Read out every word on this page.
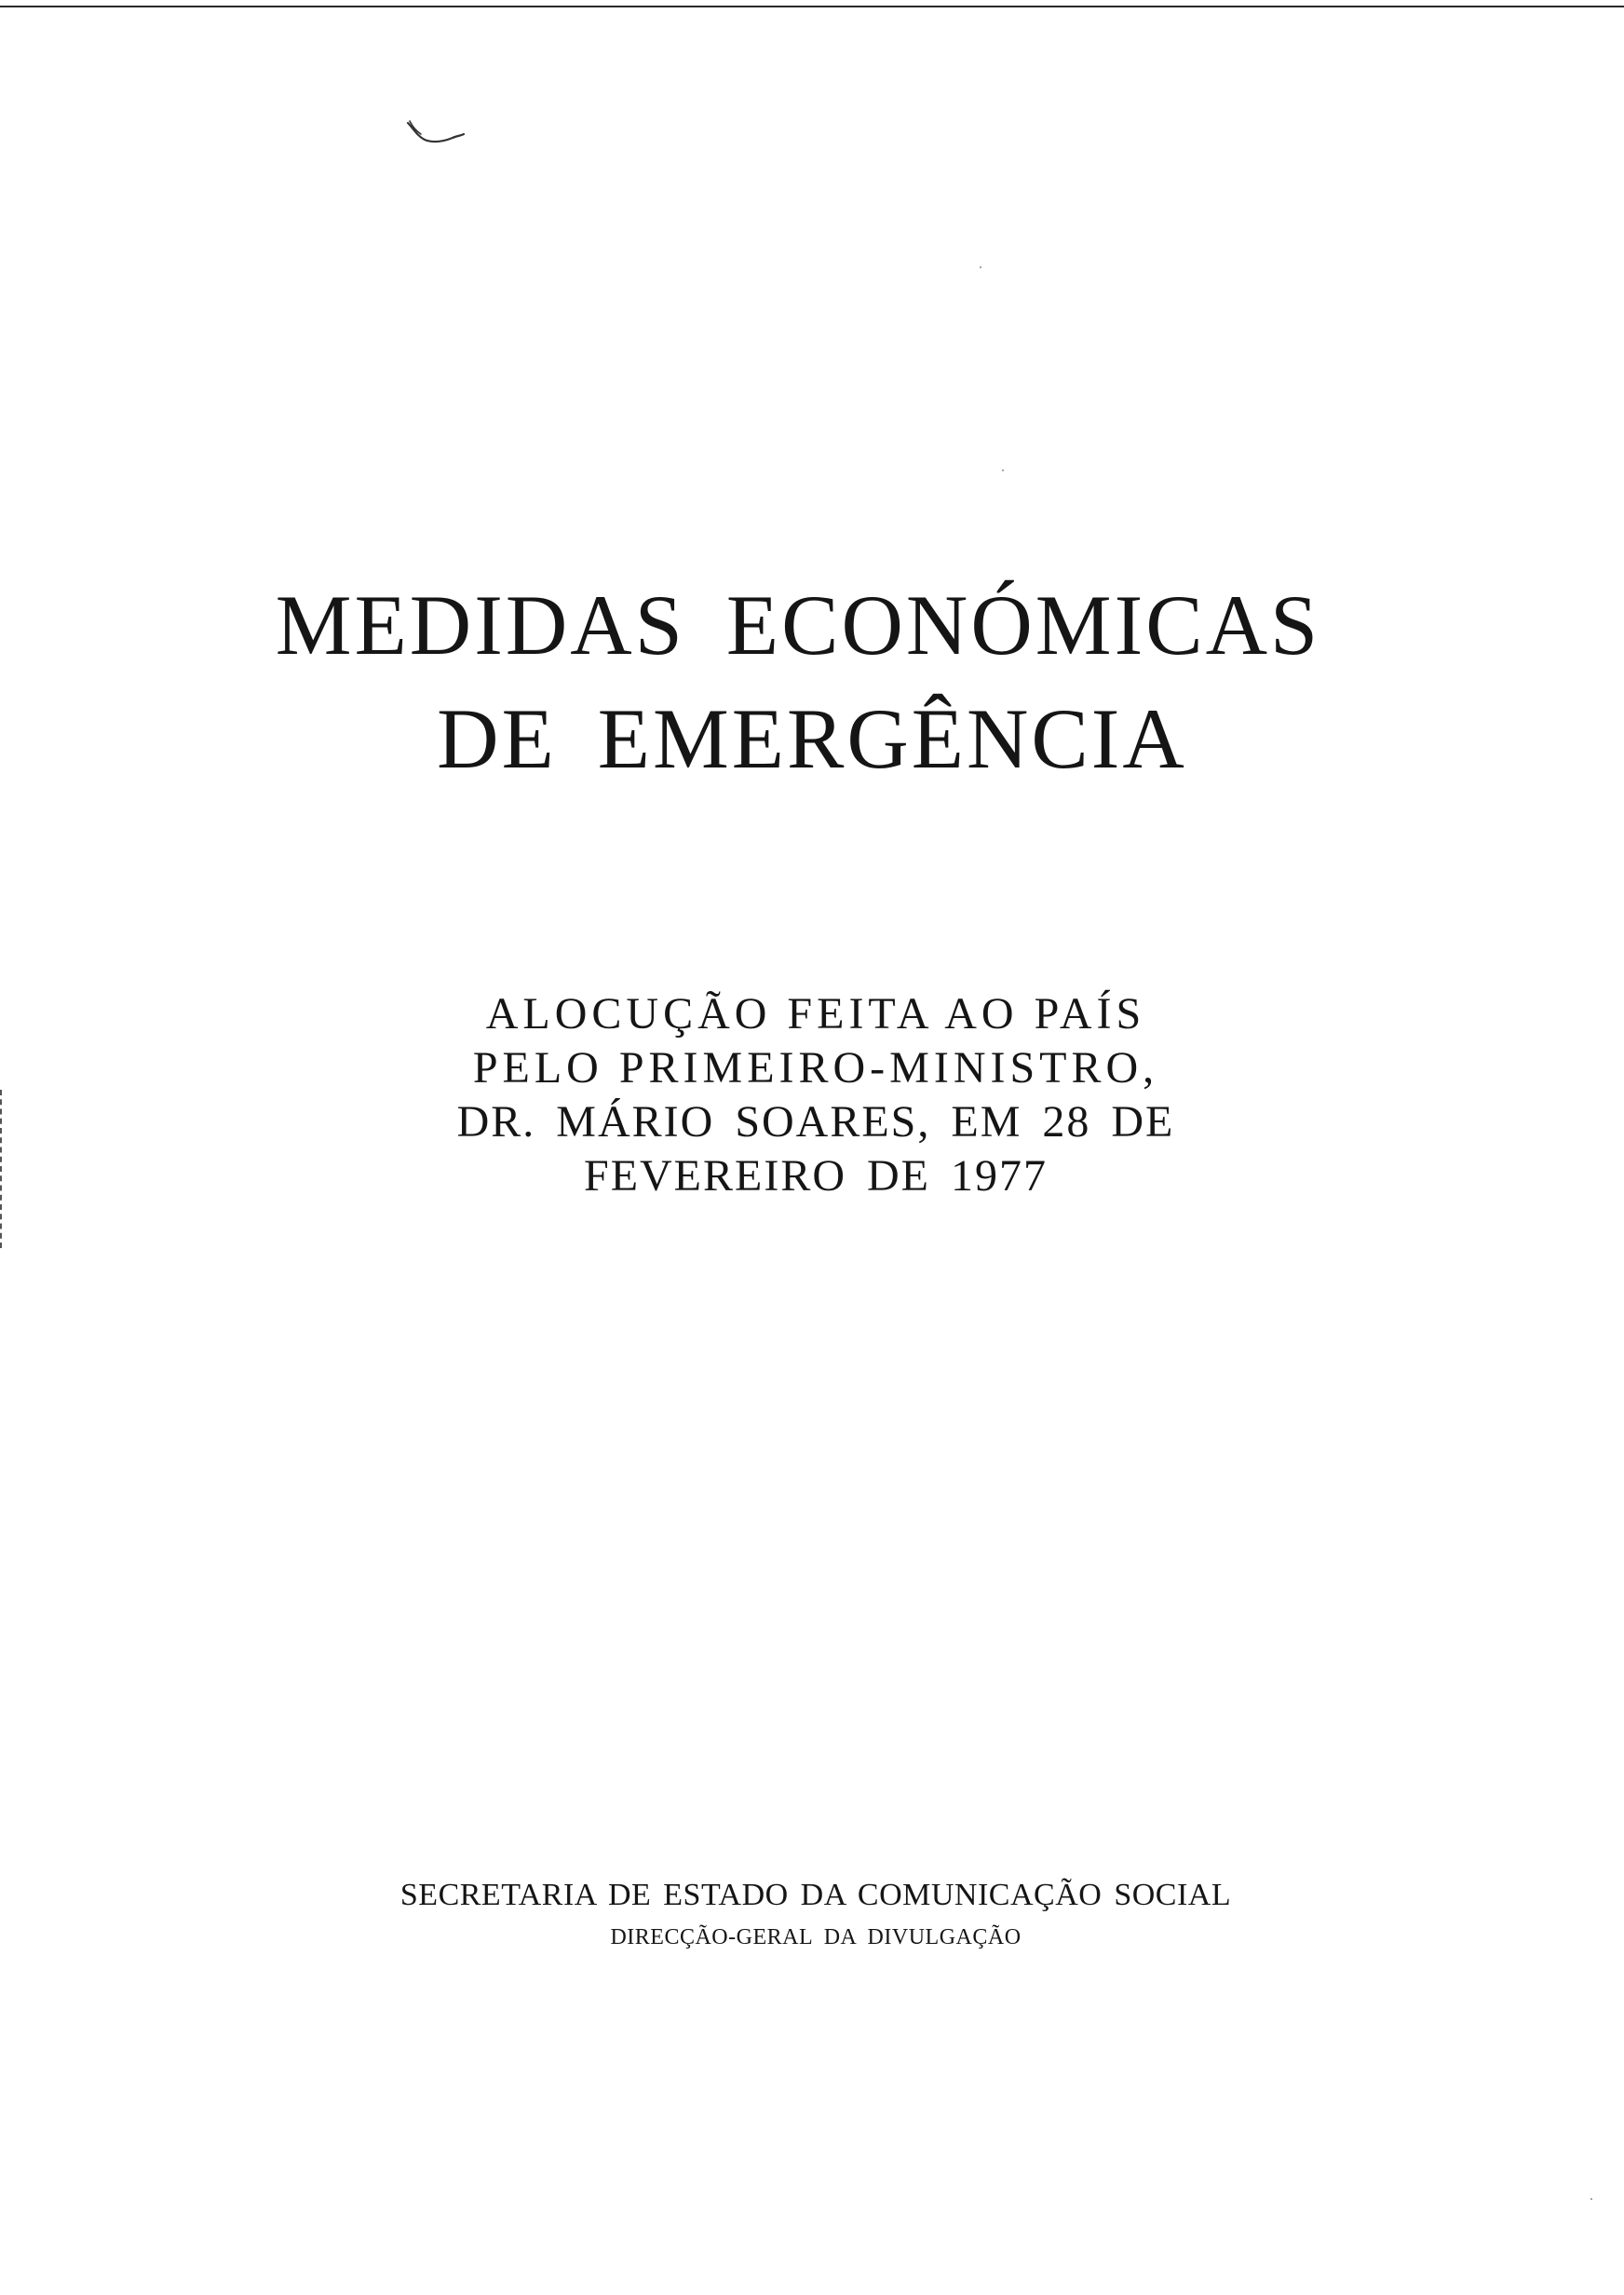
MEDIDAS ECONÓMICAS
DE EMERGÊNCIA
ALOCUÇÃO FEITA AO PAÍS
PELO PRIMEIRO-MINISTRO,
DR. MÁRIO SOARES, EM 28 DE
FEVEREIRO DE 1977
SECRETARIA DE ESTADO DA COMUNICAÇÃO SOCIAL
DIRECÇÃO-GERAL DA DIVULGAÇÃO
